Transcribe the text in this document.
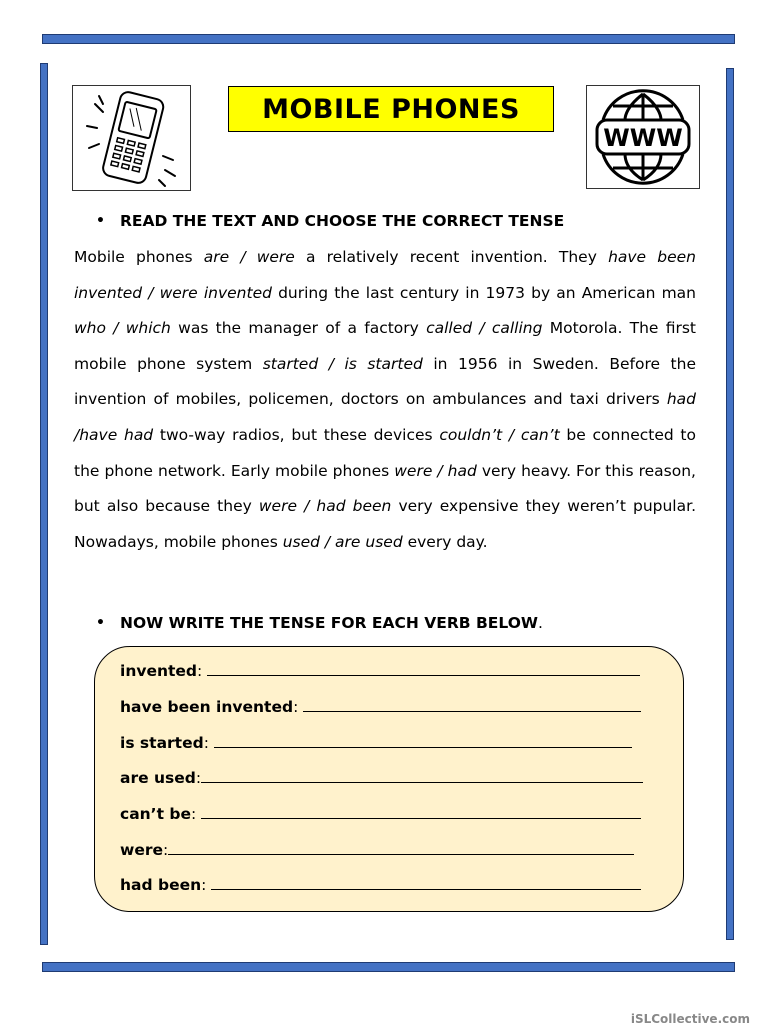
MOBILE PHONES
WWW
• READ THE TEXT AND CHOOSE THE CORRECT TENSE

Mobile phones are / were a relatively recent invention. They have been invented / were invented during the last century in 1973 by an American man who / which was the manager of a factory called / calling Motorola. The first mobile phone system started / is started in 1956 in Sweden. Before the invention of mobiles, policemen, doctors on ambulances and taxi drivers had /have had two-way radios, but these devices couldn’t / can’t be connected to the phone network. Early mobile phones were / had very heavy. For this reason, but also because they were / had been very expensive they weren’t pupular. Nowadays, mobile phones used / are used every day.

• NOW WRITE THE TENSE FOR EACH VERB BELOW .
invented:
have been invented:
is started:
are used:
can’t be:
were:
had been:
iSLCollective.com
